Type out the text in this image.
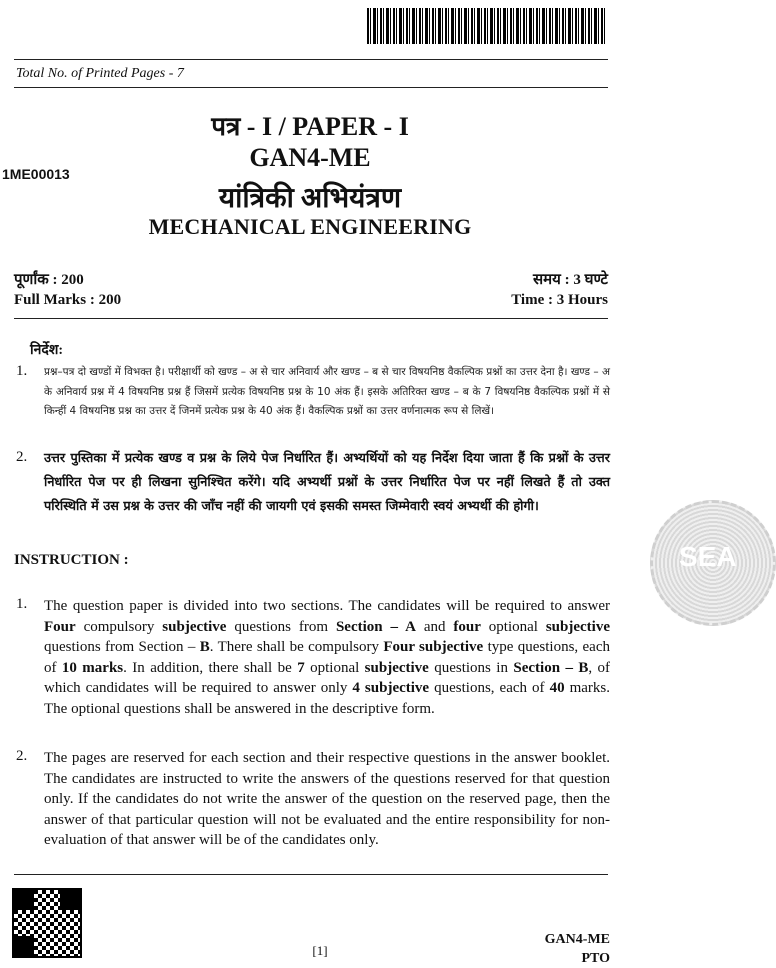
Total No. of Printed Pages - 7
पत्र - I / PAPER - I
1ME00013
GAN4-ME
यांत्रिकी अभियंत्रण
MECHANICAL ENGINEERING
पूर्णांक : 200
Full Marks : 200
समय : 3 घण्टे
Time : 3 Hours
निर्देश:
1. प्रश्न–पत्र दो खण्डों में विभक्त है। परीक्षार्थी को खण्ड – अ से चार अनिवार्य और खण्ड – ब से चार विषयनिष्ठ वैकल्पिक प्रश्नों का उत्तर देना है। खण्ड – अ के अनिवार्य प्रश्न में 4 विषयनिष्ठ प्रश्न हैं जिसमें प्रत्येक विषयनिष्ठ प्रश्न के 10 अंक हैं। इसके अतिरिक्त खण्ड – ब के 7 विषयनिष्ठ वैकल्पिक प्रश्नों में से किन्हीं 4 विषयनिष्ठ प्रश्न का उत्तर दें जिनमें प्रत्येक प्रश्न के 40 अंक हैं। वैकल्पिक प्रश्नों का उत्तर वर्णनात्मक रूप से लिखें।
2. उत्तर पुस्तिका में प्रत्येक खण्ड व प्रश्न के लिये पेज निर्धारित हैं। अभ्यर्थियों को यह निर्देश दिया जाता हैं कि प्रश्नों के उत्तर निर्धारित पेज पर ही लिखना सुनिश्चित करेंगे। यदि अभ्यर्थी प्रश्नों के उत्तर निर्धारित पेज पर नहीं लिखते हैं तो उक्त परिस्थिति में उस प्रश्न के उत्तर की जाँच नहीं की जायगी एवं इसकी समस्त जिम्मेवारी स्वयं अभ्यर्थी की होगी।
INSTRUCTION :
1. The question paper is divided into two sections. The candidates will be required to answer Four compulsory subjective questions from Section – A and four optional subjective questions from Section – B. There shall be compulsory Four subjective type questions, each of 10 marks. In addition, there shall be 7 optional subjective questions in Section – B, of which candidates will be required to answer only 4 subjective questions, each of 40 marks. The optional questions shall be answered in the descriptive form.
2. The pages are reserved for each section and their respective questions in the answer booklet. The candidates are instructed to write the answers of the questions reserved for that question only. If the candidates do not write the answer of the question on the reserved page, then the answer of that particular question will not be evaluated and the entire responsibility for non-evaluation of that answer will be of the candidates only.
[1]
GAN4-ME
PTO
SEA
